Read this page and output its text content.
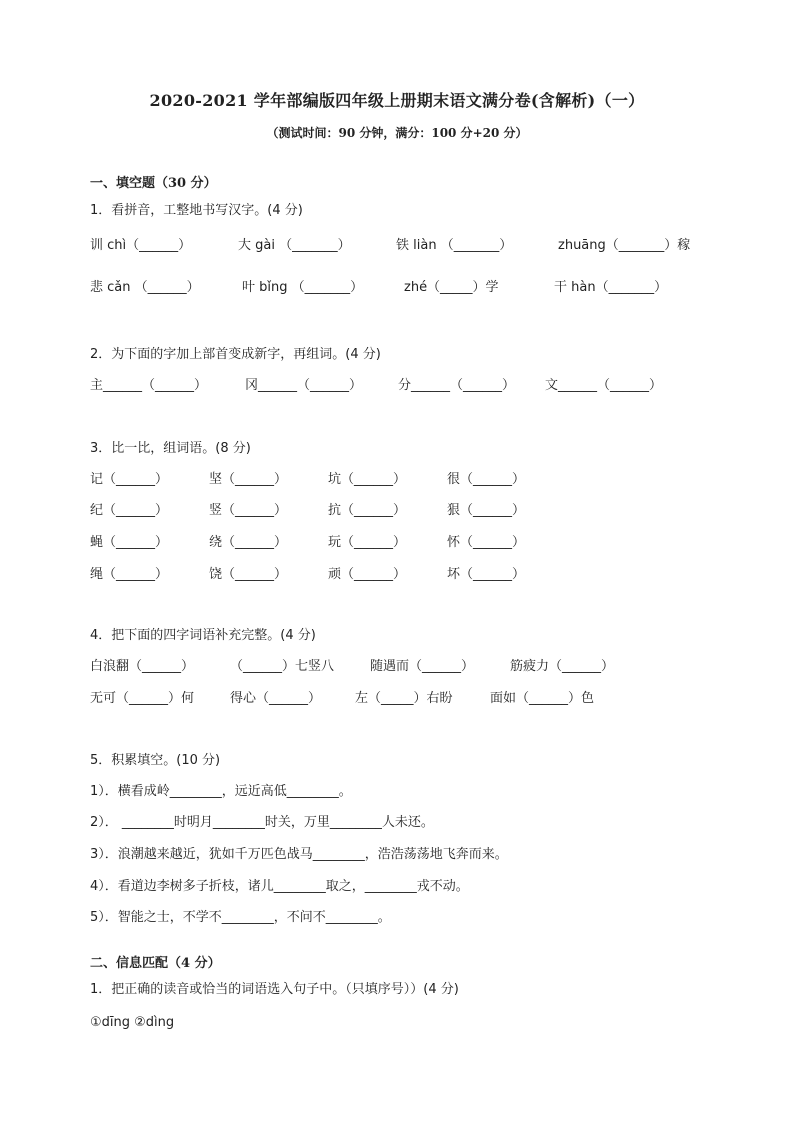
2020-2021 学年部编版四年级上册期末语文满分卷(含解析)（一）
（测试时间：90 分钟，满分：100 分+20 分）
一、填空题（30 分）
1．看拼音，工整地书写汉字。(4 分)
训 chì（______）	大 gài （_______）	铁 liàn （_______）	zhuāng（_______）稼
悲 cǎn （______）	叶 bǐng （_______）	zhé（_____）学	干 hàn（_______）
2．为下面的字加上部首变成新字，再组词。(4 分)
主______（______）	冈______（______）	分______（______） 文______（______）
3．比一比，组词语。(8 分)
记（______）	坚（______）	坑（______）	很（______）
纪（______）	竖（______）	抗（______）	狠（______）
蝇（______）	绕（______）	玩（______）	怀（______）
绳（______）	饶（______）	顽（______）	坏（______）
4．把下面的四字词语补充完整。(4 分)
白浪翻（______）	（______）七竖八	随遇而（______）	筋疲力（______）
无可（______）何	得心（______）	左（_____）右盼	面如（______）色
5．积累填空。(10 分)
1）．横看成岭________，远近高低________。
2）． ________时明月________时关，万里________人未还。
3）．浪潮越来越近，犹如千万匹色战马________，浩浩荡荡地飞奔而来。
4）．看道边李树多子折枝，诸儿________取之，________戎不动。
5）．智能之士，不学不________，不问不________。
二、信息匹配（4 分）
1．把正确的读音或恰当的词语选入句子中。（只填序号））(4 分)
①dīng ②dìng
